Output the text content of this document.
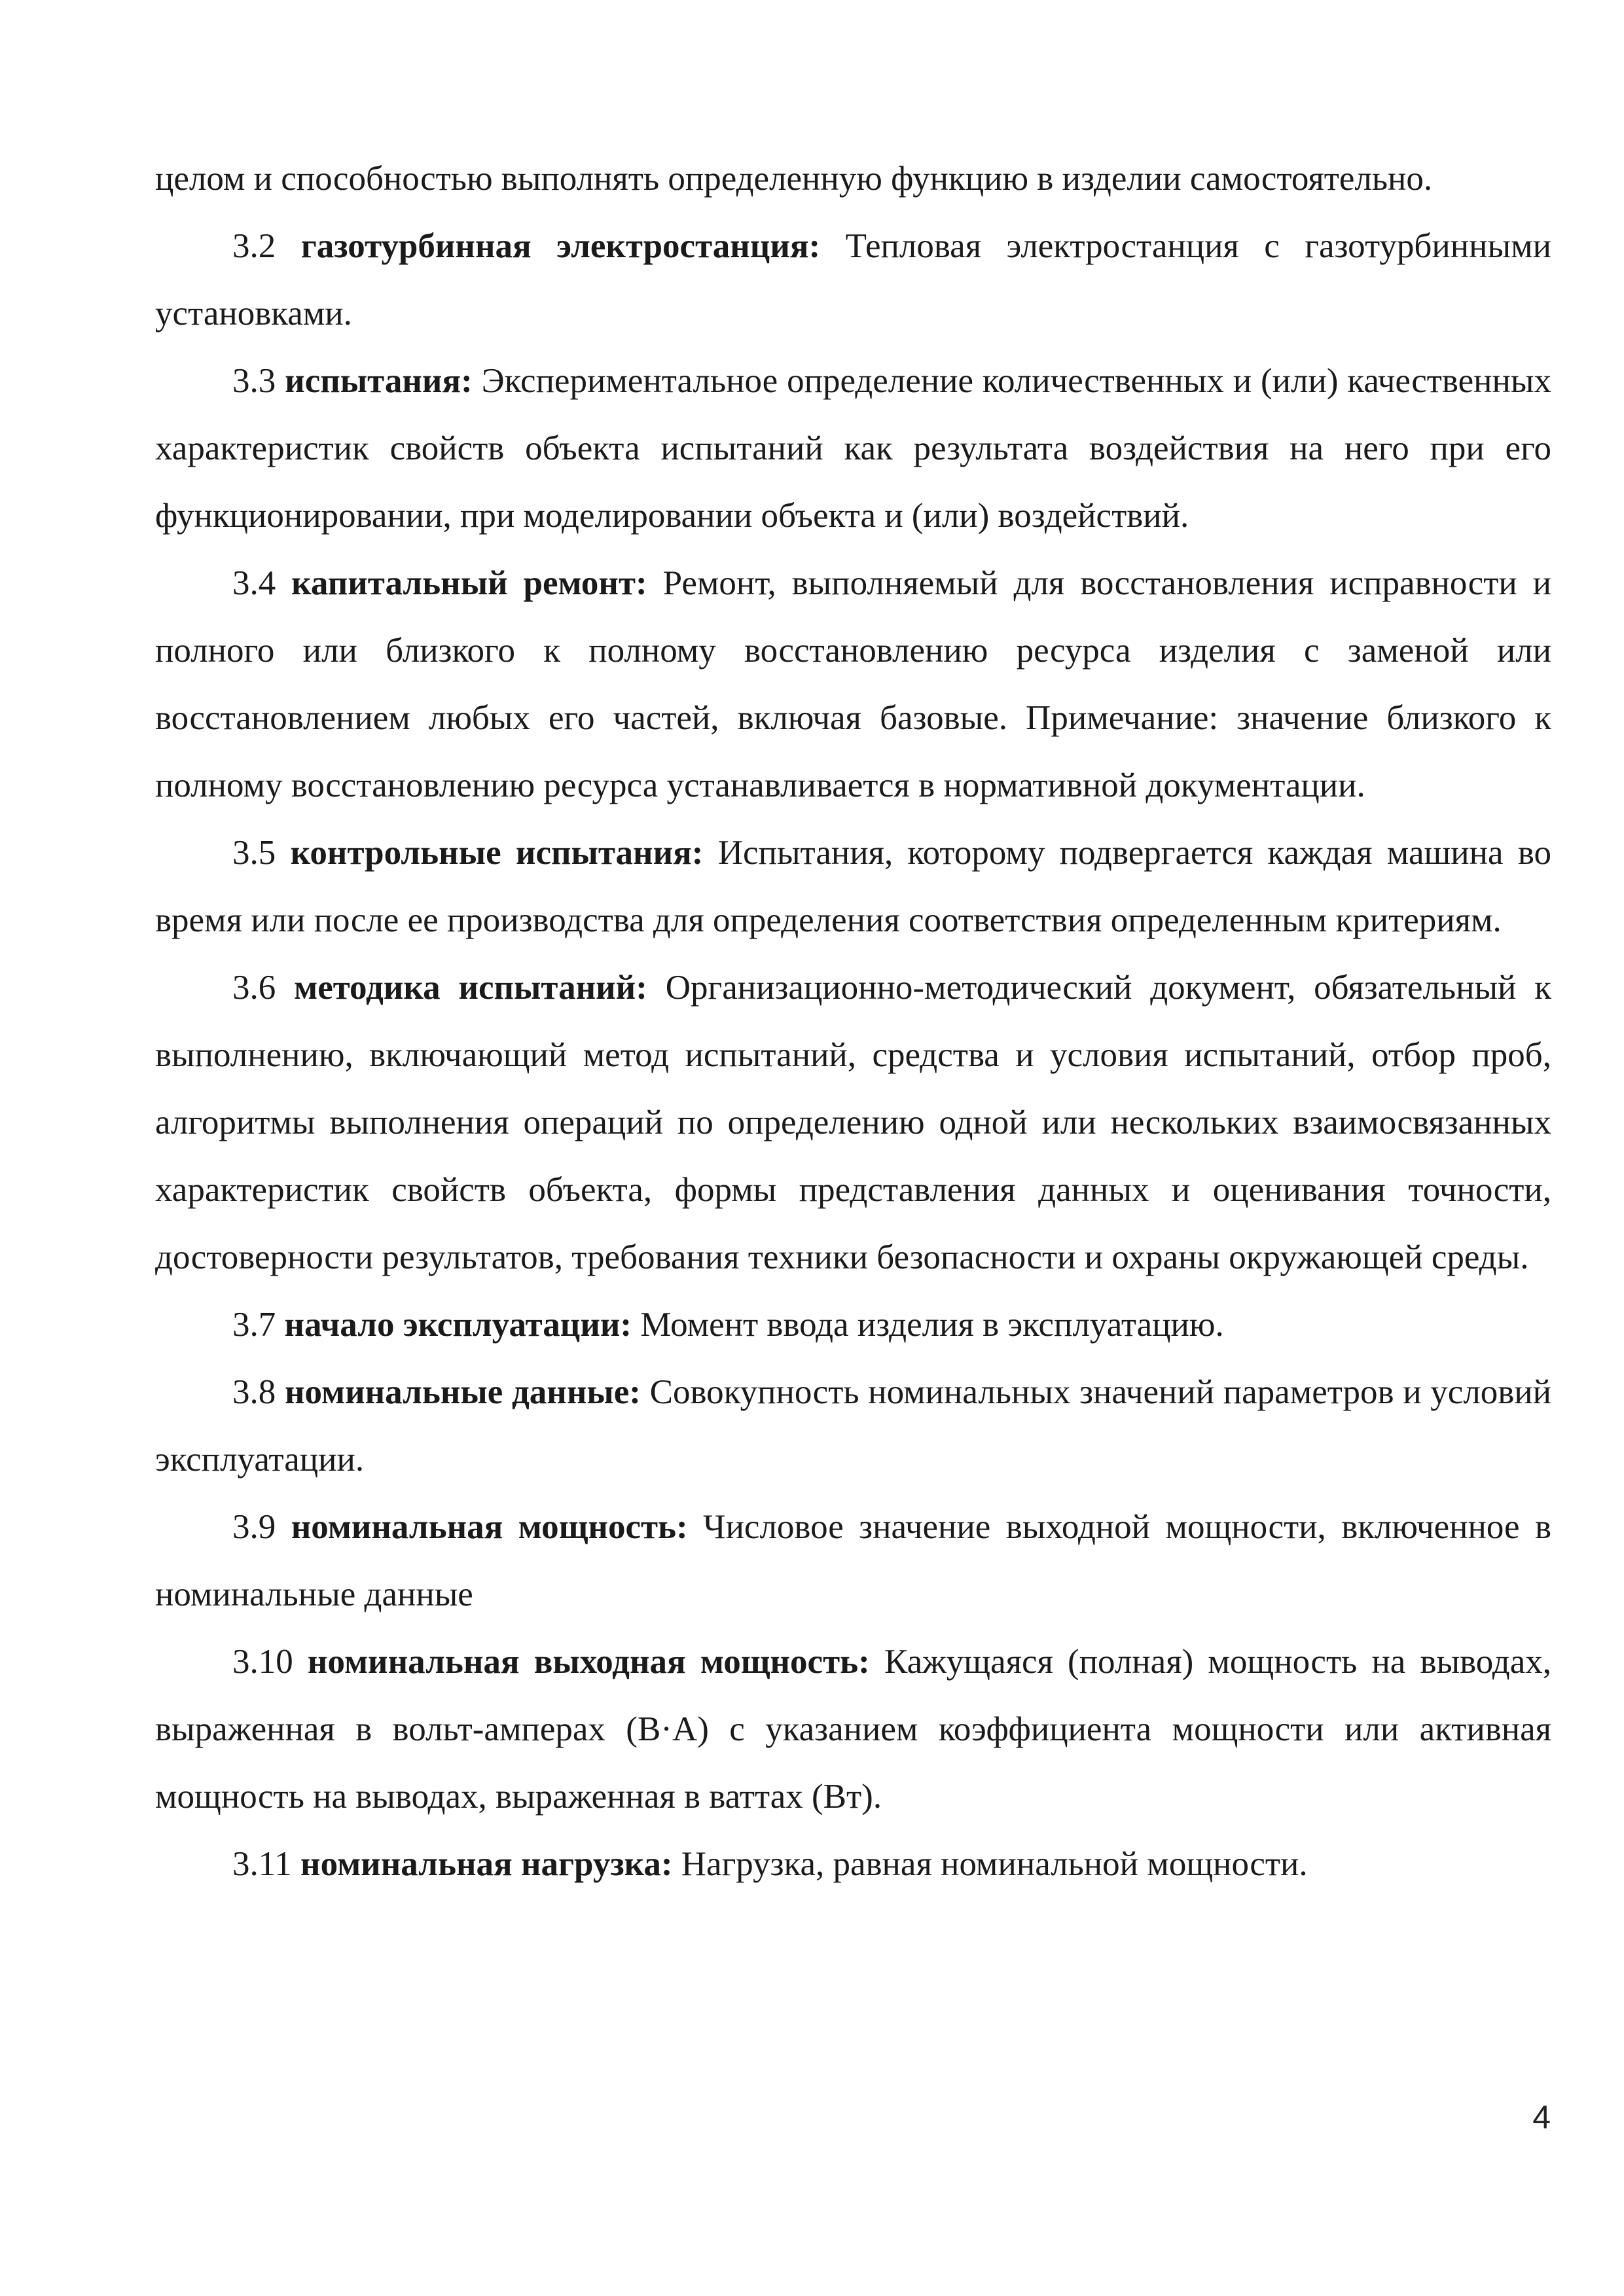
целом и способностью выполнять определенную функцию в изделии самостоятельно.

3.2 газотурбинная электростанция: Тепловая электростанция с газотурбинными установками.

3.3 испытания: Экспериментальное определение количественных и (или) качественных характеристик свойств объекта испытаний как результата воздействия на него при его функционировании, при моделировании объекта и (или) воздействий.

3.4 капитальный ремонт: Ремонт, выполняемый для восстановления исправности и полного или близкого к полному восстановлению ресурса изделия с заменой или восстановлением любых его частей, включая базовые. Примечание: значение близкого к полному восстановлению ресурса устанавливается в нормативной документации.

3.5 контрольные испытания: Испытания, которому подвергается каждая машина во время или после ее производства для определения соответствия определенным критериям.

3.6 методика испытаний: Организационно-методический документ, обязательный к выполнению, включающий метод испытаний, средства и условия испытаний, отбор проб, алгоритмы выполнения операций по определению одной или нескольких взаимосвязанных характеристик свойств объекта, формы представления данных и оценивания точности, достоверности результатов, требования техники безопасности и охраны окружающей среды.

3.7 начало эксплуатации: Момент ввода изделия в эксплуатацию.

3.8 номинальные данные: Совокупность номинальных значений параметров и условий эксплуатации.

3.9 номинальная мощность: Числовое значение выходной мощности, включенное в номинальные данные

3.10 номинальная выходная мощность: Кажущаяся (полная) мощность на выводах, выраженная в вольт-амперах (В·А) с указанием коэффициента мощности или активная мощность на выводах, выраженная в ваттах (Вт).

3.11 номинальная нагрузка: Нагрузка, равная номинальной мощности.

4
